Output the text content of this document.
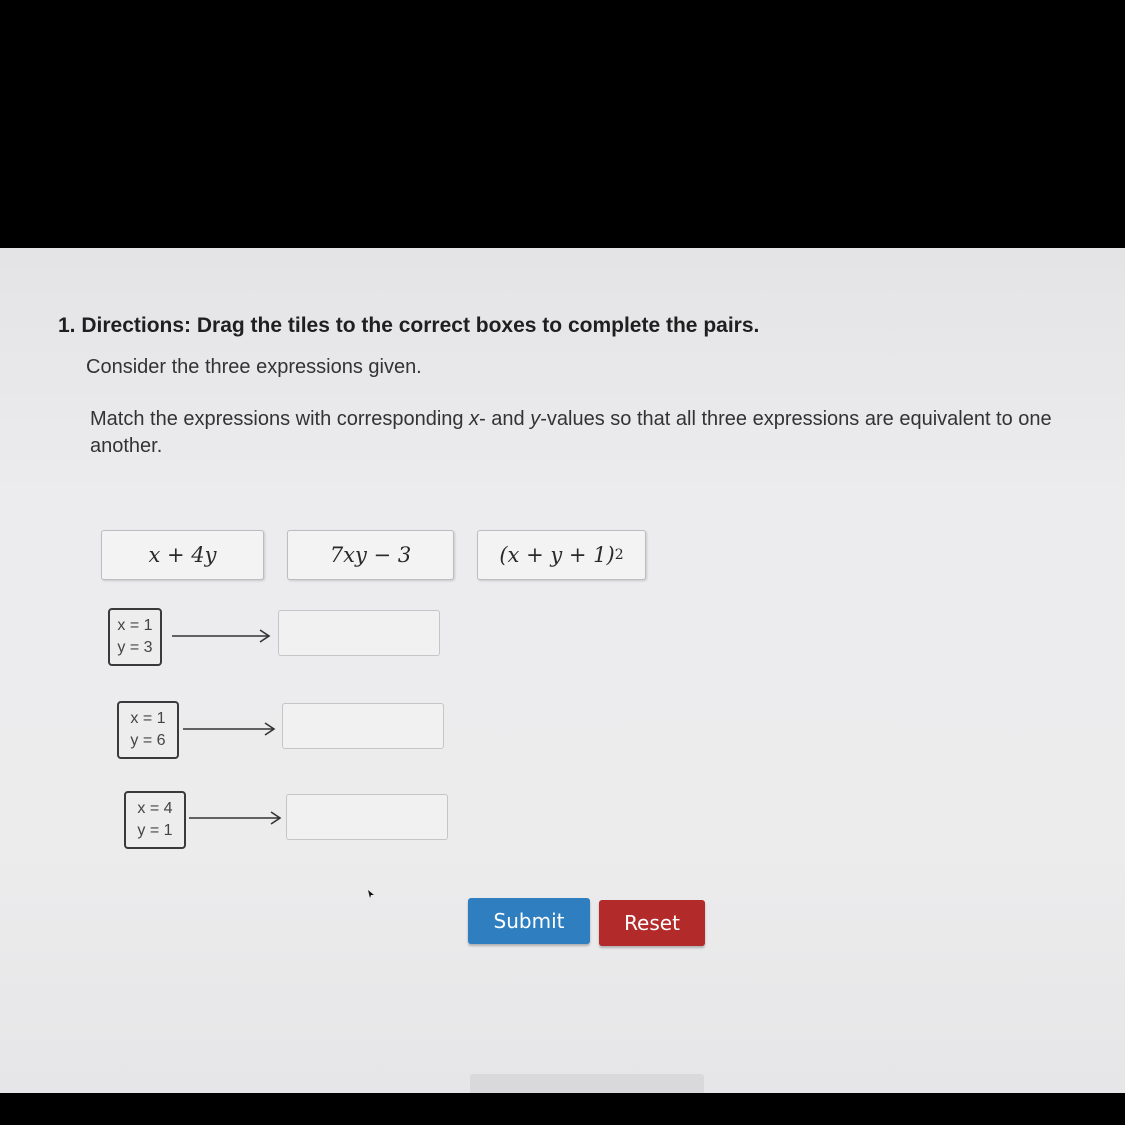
1. Directions: Drag the tiles to the correct boxes to complete the pairs.
Consider the three expressions given.
Match the expressions with corresponding x- and y-values so that all three expressions are equivalent to one another.
x + 4y	7xy − 3	(x + y + 1) 2
x = 1
y = 3
x = 1
y = 6
x = 4
y = 1
Submit	Reset
